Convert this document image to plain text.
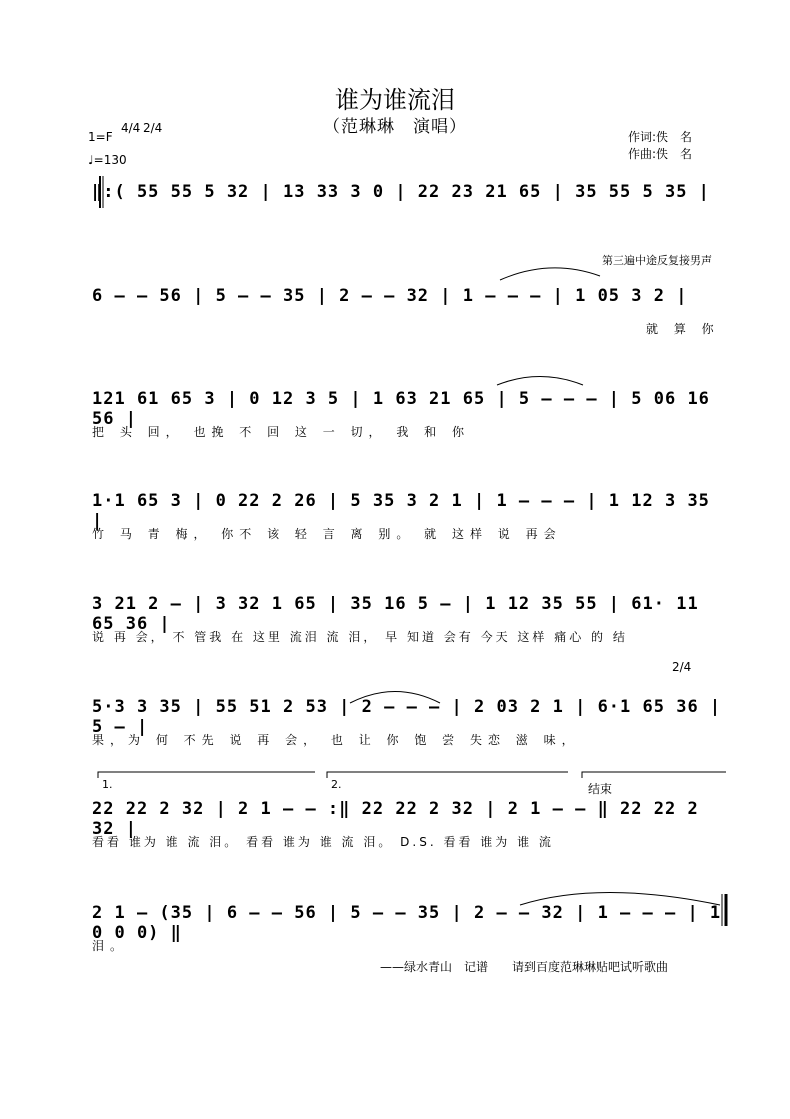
谁为谁流泪
（范琳琳　演唱）
1=F
4/4 2/4
♩=130
作词:佚　名
作曲:佚　名
第三遍中途反复接男声
2/4
1.	2.	结束
‖:( 55 55 5 32 | 13 33 3 0 | 22 23 21 65 | 35 55 5 35 |
6 — — 56 | 5 — — 35 | 2 — — 32 | 1 — — — | 1 05 3 2 |
就 算 你
121 61 65 3 | 0 12 3 5 | 1 63 21 65 | 5 — — — | 5 06 16 56 |
把 头 回， 也挽 不 回 这 一 切， 我 和 你
1·1 65 3 | 0 22 2 26 | 5 35 3 2 1 | 1 — — — | 1 12 3 35 |
竹 马 青 梅， 你不 该 轻 言 离 别。 就 这样 说 再会
3 21 2 — | 3 32 1 65 | 35 16 5 — | 1 12 35 55 | 61· 11 65 36 |
说 再 会， 不 管我 在 这里 流泪 流 泪， 早 知道 会有 今天 这样 痛心 的 结
5·3 3 35 | 55 51 2 53 | 2 — — — | 2 03 2 1 | 6·1 65 36 | 5 — |
果，为 何 不先 说 再 会， 也 让 你 饱 尝 失恋 滋 味，
22 22 2 32 | 2 1 — — :‖ 22 22 2 32 | 2 1 — — ‖ 22 22 2 32 |
看看 谁为 谁 流 泪。 看看 谁为 谁 流 泪。 D.S. 看看 谁为 谁 流
2 1 — (35 | 6 — — 56 | 5 — — 35 | 2 — — 32 | 1 — — — | 1 0 0 0) ‖
泪。
——绿水青山　记谱　　请到百度范琳琳贴吧试听歌曲
